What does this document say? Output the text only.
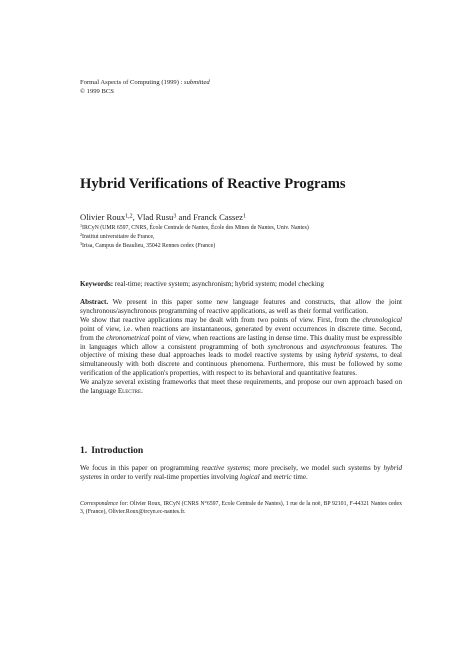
Formal Aspects of Computing (1999) : submitted
© 1999 BCS
Hybrid Verifications of Reactive Programs
Olivier Roux$^{1,2}$, Vlad Rusu$^3$ and Franck Cassez$^1$
$^1$IRCyN (UMR 6597, CNRS, École Centrale de Nantes, École des Mines de Nantes, Univ. Nantes)
$^2$Institut universitaire de France,
$^3$Irisa, Campus de Beaulieu, 35042 Rennes cedex (France)
Keywords: real-time; reactive system; asynchronism; hybrid system; model checking

Abstract. We present in this paper some new language features and constructs, that allow the joint synchronous/asynchronous programming of reactive applications, as well as their formal verification.

We show that reactive applications may be dealt with from two points of view. First, from the chronological point of view, i.e. when reactions are instantaneous, generated by event occurrences in discrete time. Second, from the chronometrical point of view, when reactions are lasting in dense time. This duality must be expressible in languages which allow a consistent programming of both synchronous and asynchronous features. The objective of mixing these dual approaches leads to model reactive systems by using hybrid systems, to deal simultaneously with both discrete and continuous phenomena. Furthermore, this must be followed by some verification of the application's properties, with respect to its behavioral and quantitative features.

We analyze several existing frameworks that meet these requirements, and propose our own approach based on the language Electre.

1. Introduction

We focus in this paper on programming reactive systems; more precisely, we model such systems by hybrid systems in order to verify real-time properties involving logical and metric time.

Correspondence for: Olivier Roux, IRCyN (CNRS N°6597, Ecole Centrale de Nantes), 1 rue de la noë, BP 92101, F-44321 Nantes cedex 3, (France), Olivier.Roux@ircyn.ec-nantes.fr.
